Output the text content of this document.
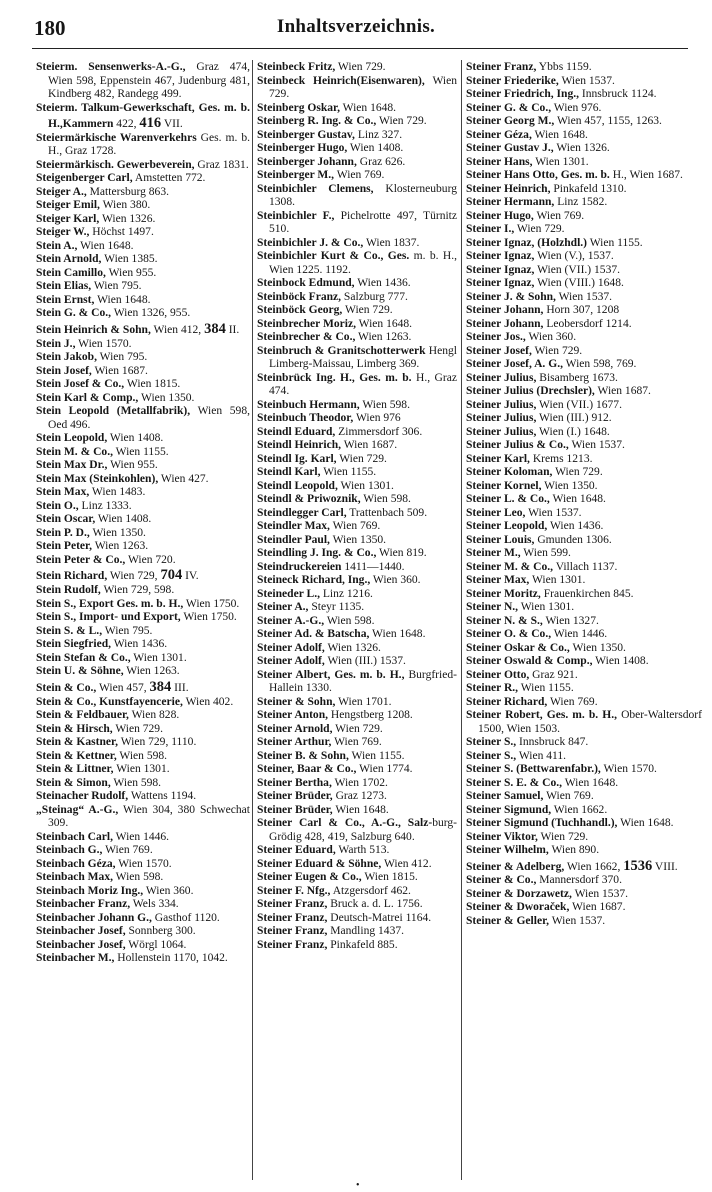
180	Inhaltsverzeichnis.

Steierm. Sensenwerks-A.-G., Graz 474, Wien 598, Eppenstein 467, Judenburg 481, Kindberg 482, Randegg 499.

Steierm. Talkum-Gewerkschaft, Ges. m. b. H.,Kammern 422, 416 VII.

Steiermärkische Warenverkehrs Ges. m. b. H., Graz 1728.

Steiermärkisch. Gewerbeverein, Graz 1831.

Steigenberger Carl, Amstetten 772.

Steiger A., Mattersburg 863.

Steiger Emil, Wien 380.

Steiger Karl, Wien 1326.

Steiger W., Höchst 1497.

Stein A., Wien 1648.

Stein Arnold, Wien 1385.

Stein Camillo, Wien 955.

Stein Elias, Wien 795.

Stein Ernst, Wien 1648.

Stein G. & Co., Wien 1326, 955.

Stein Heinrich & Sohn, Wien 412, 384 II.

Stein J., Wien 1570.

Stein Jakob, Wien 795.

Stein Josef, Wien 1687.

Stein Josef & Co., Wien 1815.

Stein Karl & Comp., Wien 1350.

Stein Leopold (Metallfabrik), Wien 598, Oed 496.

Stein Leopold, Wien 1408.

Stein M. & Co., Wien 1155.

Stein Max Dr., Wien 955.

Stein Max (Steinkohlen), Wien 427.

Stein Max, Wien 1483.

Stein O., Linz 1333.

Stein Oscar, Wien 1408.

Stein P. D., Wien 1350.

Stein Peter, Wien 1263.

Stein Peter & Co., Wien 720.

Stein Richard, Wien 729, 704 IV.

Stein Rudolf, Wien 729, 598.

Stein S., Export Ges. m. b. H., Wien 1750.

Stein S., Import- und Export, Wien 1750.

Stein S. & L., Wien 795.

Stein Siegfried, Wien 1436.

Stein Stefan & Co., Wien 1301.

Stein U. & Söhne, Wien 1263.

Stein & Co., Wien 457, 384 III.

Stein & Co., Kunstfayencerie, Wien 402.

Stein & Feldbauer, Wien 828.

Stein & Hirsch, Wien 729.

Stein & Kastner, Wien 729, 1110.

Stein & Kettner, Wien 598.

Stein & Littner, Wien 1301.

Stein & Simon, Wien 598.

Steinacher Rudolf, Wattens 1194.

„Steinag“ A.-G., Wien 304, 380 Schwechat 309.

Steinbach Carl, Wien 1446.

Steinbach G., Wien 769.

Steinbach Géza, Wien 1570.

Steinbach Max, Wien 598.

Steinbach Moriz Ing., Wien 360.

Steinbacher Franz, Wels 334.

Steinbacher Johann G., Gasthof 1120.

Steinbacher Josef, Sonnberg 300.

Steinbacher Josef, Wörgl 1064.

Steinbacher M., Hollenstein 1170, 1042.

Steinbeck Fritz, Wien 729.

Steinbeck Heinrich(Eisenwaren), Wien 729.

Steinberg Oskar, Wien 1648.

Steinberg R. Ing. & Co., Wien 729.

Steinberger Gustav, Linz 327.

Steinberger Hugo, Wien 1408.

Steinberger Johann, Graz 626.

Steinberger M., Wien 769.

Steinbichler Clemens, Klosterneuburg 1308.

Steinbichler F., Pichelrotte 497, Türnitz 510.

Steinbichler J. & Co., Wien 1837.

Steinbichler Kurt & Co., Ges. m. b. H., Wien 1225. 1192.

Steinbock Edmund, Wien 1436.

Steinböck Franz, Salzburg 777.

Steinböck Georg, Wien 729.

Steinbrecher Moriz, Wien 1648.

Steinbrecher & Co., Wien 1263.

Steinbruch & Granitschotterwerk Hengl Limberg-Maissau, Limberg 369.

Steinbrück Ing. H., Ges. m. b. H., Graz 474.

Steinbuch Hermann, Wien 598.

Steinbuch Theodor, Wien 976

Steindl Eduard, Zimmersdorf 306.

Steindl Heinrich, Wien 1687.

Steindl Ig. Karl, Wien 729.

Steindl Karl, Wien 1155.

Steindl Leopold, Wien 1301.

Steindl & Priwoznik, Wien 598.

Steindlegger Carl, Trattenbach 509.

Steindler Max, Wien 769.

Steindler Paul, Wien 1350.

Steindling J. Ing. & Co., Wien 819.

Steindruckereien 1411—1440.

Steineck Richard, Ing., Wien 360.

Steineder L., Linz 1216.

Steiner A., Steyr 1135.

Steiner A.-G., Wien 598.

Steiner Ad. & Batscha, Wien 1648.

Steiner Adolf, Wien 1326.

Steiner Adolf, Wien (III.) 1537.

Steiner Albert, Ges. m. b. H., Burgfried-Hallein 1330.

Steiner & Sohn, Wien 1701.

Steiner Anton, Hengstberg 1208.

Steiner Arnold, Wien 729.

Steiner Arthur, Wien 769.

Steiner B. & Sohn, Wien 1155.

Steiner, Baar & Co., Wien 1774.

Steiner Bertha, Wien 1702.

Steiner Brüder, Graz 1273.

Steiner Brüder, Wien 1648.

Steiner Carl & Co., A.-G., Salz-burg-Grödig 428, 419, Salzburg 640.

Steiner Eduard, Warth 513.

Steiner Eduard & Söhne, Wien 412.

Steiner Eugen & Co., Wien 1815.

Steiner F. Nfg., Atzgersdorf 462.

Steiner Franz, Bruck a. d. L. 1756.

Steiner Franz, Deutsch-Matrei 1164.

Steiner Franz, Mandling 1437.

Steiner Franz, Pinkafeld 885.

Steiner Franz, Ybbs 1159.

Steiner Friederike, Wien 1537.

Steiner Friedrich, Ing., Innsbruck 1124.

Steiner G. & Co., Wien 976.

Steiner Georg M., Wien 457, 1155, 1263.

Steiner Géza, Wien 1648.

Steiner Gustav J., Wien 1326.

Steiner Hans, Wien 1301.

Steiner Hans Otto, Ges. m. b. H., Wien 1687.

Steiner Heinrich, Pinkafeld 1310.

Steiner Hermann, Linz 1582.

Steiner Hugo, Wien 769.

Steiner I., Wien 729.

Steiner Ignaz, (Holzhdl.) Wien 1155.

Steiner Ignaz, Wien (V.), 1537.

Steiner Ignaz, Wien (VII.) 1537.

Steiner Ignaz, Wien (VIII.) 1648.

Steiner J. & Sohn, Wien 1537.

Steiner Johann, Horn 307, 1208

Steiner Johann, Leobersdorf 1214.

Steiner Jos., Wien 360.

Steiner Josef, Wien 729.

Steiner Josef, A. G., Wien 598, 769.

Steiner Julius, Bisamberg 1673.

Steiner Julius (Drechsler), Wien 1687.

Steiner Julius, Wien (VII.) 1677.

Steiner Julius, Wien (III.) 912.

Steiner Julius, Wien (I.) 1648.

Steiner Julius & Co., Wien 1537.

Steiner Karl, Krems 1213.

Steiner Koloman, Wien 729.

Steiner Kornel, Wien 1350.

Steiner L. & Co., Wien 1648.

Steiner Leo, Wien 1537.

Steiner Leopold, Wien 1436.

Steiner Louis, Gmunden 1306.

Steiner M., Wien 599.

Steiner M. & Co., Villach 1137.

Steiner Max, Wien 1301.

Steiner Moritz, Frauenkirchen 845.

Steiner N., Wien 1301.

Steiner N. & S., Wien 1327.

Steiner O. & Co., Wien 1446.

Steiner Oskar & Co., Wien 1350.

Steiner Oswald & Comp., Wien 1408.

Steiner Otto, Graz 921.

Steiner R., Wien 1155.

Steiner Richard, Wien 769.

Steiner Robert, Ges. m. b. H., Ober-Waltersdorf 1500, Wien 1503.

Steiner S., Innsbruck 847.

Steiner S., Wien 411.

Steiner S. (Bettwarenfabr.), Wien 1570.

Steiner S. E. & Co., Wien 1648.

Steiner Samuel, Wien 769.

Steiner Sigmund, Wien 1662.

Steiner Sigmund (Tuchhandl.), Wien 1648.

Steiner Viktor, Wien 729.

Steiner Wilhelm, Wien 890.

Steiner & Adelberg, Wien 1662, 1536 VIII.

Steiner & Co., Mannersdorf 370.

Steiner & Dorzawetz, Wien 1537.

Steiner & Dworaček, Wien 1687.

Steiner & Geller, Wien 1537.

•
